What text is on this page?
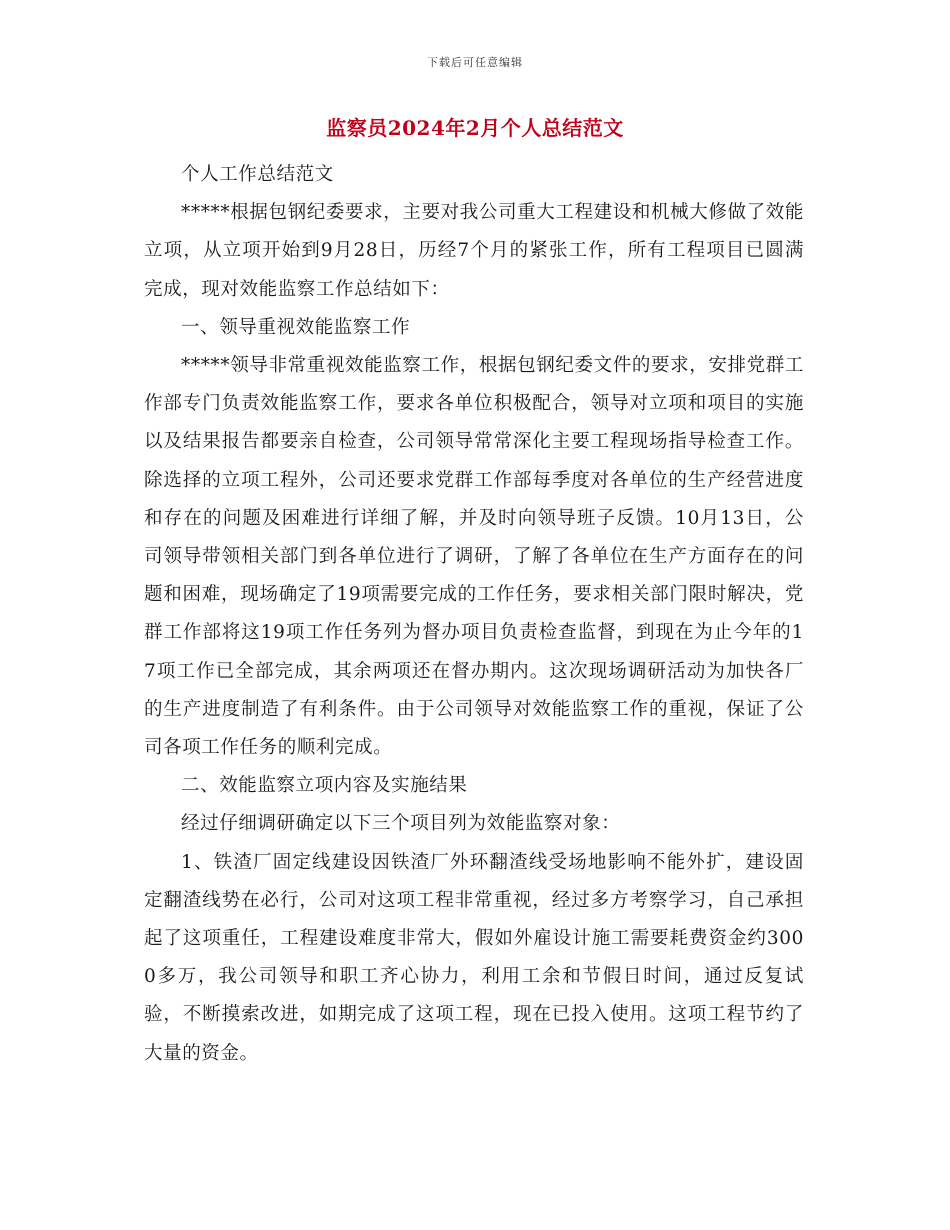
下载后可任意编辑
监察员2024年2月个人总结范文

个人工作总结范文

*****根据包钢纪委要求，主要对我公司重大工程建设和机械大修做了效能立项，从立项开始到9月28日，历经7个月的紧张工作，所有工程项目已圆满完成，现对效能监察工作总结如下：

一、领导重视效能监察工作

*****领导非常重视效能监察工作，根据包钢纪委文件的要求，安排党群工作部专门负责效能监察工作，要求各单位积极配合，领导对立项和项目的实施以及结果报告都要亲自检查，公司领导常常深化主要工程现场指导检查工作。除选择的立项工程外，公司还要求党群工作部每季度对各单位的生产经营进度和存在的问题及困难进行详细了解，并及时向领导班子反馈。10月13日，公司领导带领相关部门到各单位进行了调研，了解了各单位在生产方面存在的问题和困难，现场确定了19项需要完成的工作任务，要求相关部门限时解决，党群工作部将这19项工作任务列为督办项目负责检查监督，到现在为止今年的17项工作已全部完成，其余两项还在督办期内。这次现场调研活动为加快各厂的生产进度制造了有利条件。由于公司领导对效能监察工作的重视，保证了公司各项工作任务的顺利完成。

二、效能监察立项内容及实施结果

经过仔细调研确定以下三个项目列为效能监察对象：

1、铁渣厂固定线建设因铁渣厂外环翻渣线受场地影响不能外扩，建设固定翻渣线势在必行，公司对这项工程非常重视，经过多方考察学习，自己承担起了这项重任，工程建设难度非常大，假如外雇设计施工需要耗费资金约3000多万，我公司领导和职工齐心协力，利用工余和节假日时间，通过反复试验，不断摸索改进，如期完成了这项工程，现在已投入使用。这项工程节约了大量的资金。
